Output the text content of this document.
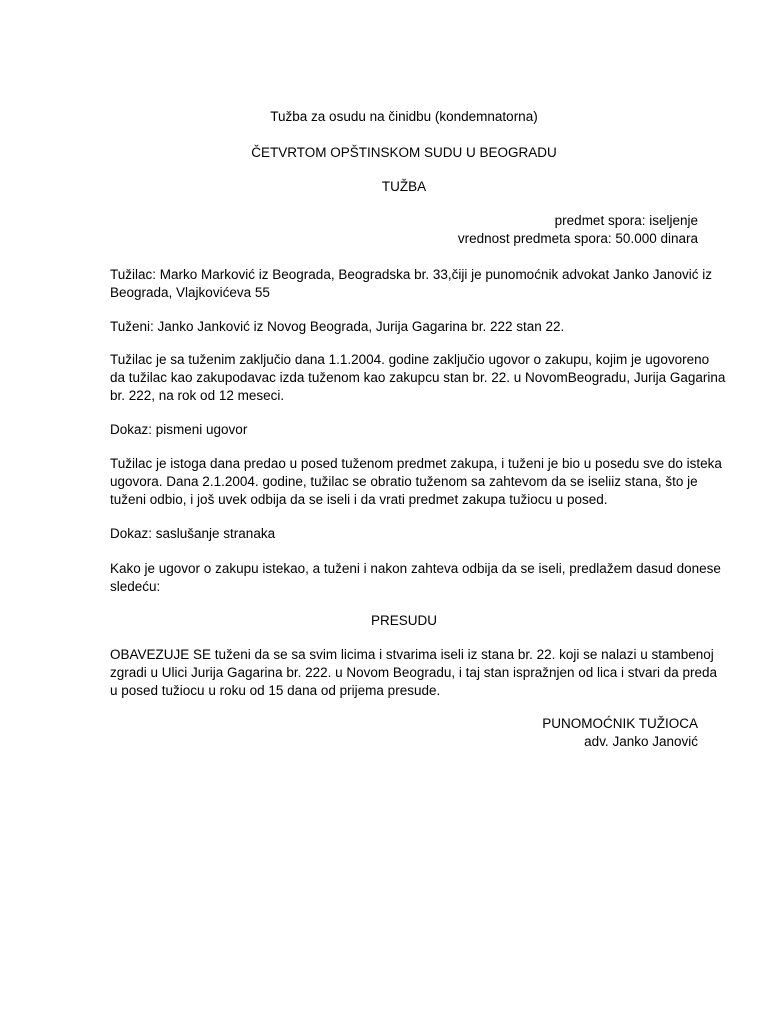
Tužba za osudu na činidbu (kondemnatorna)
ČETVRTOM OPŠTINSKOM SUDU U BEOGRADU
TUŽBA
predmet spora: iseljenje
vrednost predmeta spora: 50.000 dinara
Tužilac: Marko Marković iz Beograda, Beogradska br. 33,čiji je punomoćnik advokat Janko Janović iz
Beograda, Vlajkovićeva 55
Tuženi: Janko Janković iz Novog Beograda, Jurija Gagarina br. 222 stan 22.
Tužilac je sa tuženim zaključio dana 1.1.2004. godine zaključio ugovor o zakupu, kojim je ugovoreno
da tužilac kao zakupodavac izda tuženom kao zakupcu stan br. 22. u NovomBeogradu, Jurija Gagarina
br. 222, na rok od 12 meseci.
Dokaz: pismeni ugovor
Tužilac je istoga dana predao u posed tuženom predmet zakupa, i tuženi je bio u posedu sve do isteka
ugovora. Dana 2.1.2004. godine, tužilac se obratio tuženom sa zahtevom da se iseliiz stana, što je
tuženi odbio, i još uvek odbija da se iseli i da vrati predmet zakupa tužiocu u posed.
Dokaz: saslušanje stranaka
Kako je ugovor o zakupu istekao, a tuženi i nakon zahteva odbija da se iseli, predlažem dasud donese
sledeću:
PRESUDU
OBAVEZUJE SE tuženi da se sa svim licima i stvarima iseli iz stana br. 22. koji se nalazi u stambenoj
zgradi u Ulici Jurija Gagarina br. 222. u Novom Beogradu, i taj stan ispražnjen od lica i stvari da preda
u posed tužiocu u roku od 15 dana od prijema presude.
PUNOMOĆNIK TUŽIOCA
adv. Janko Janović
